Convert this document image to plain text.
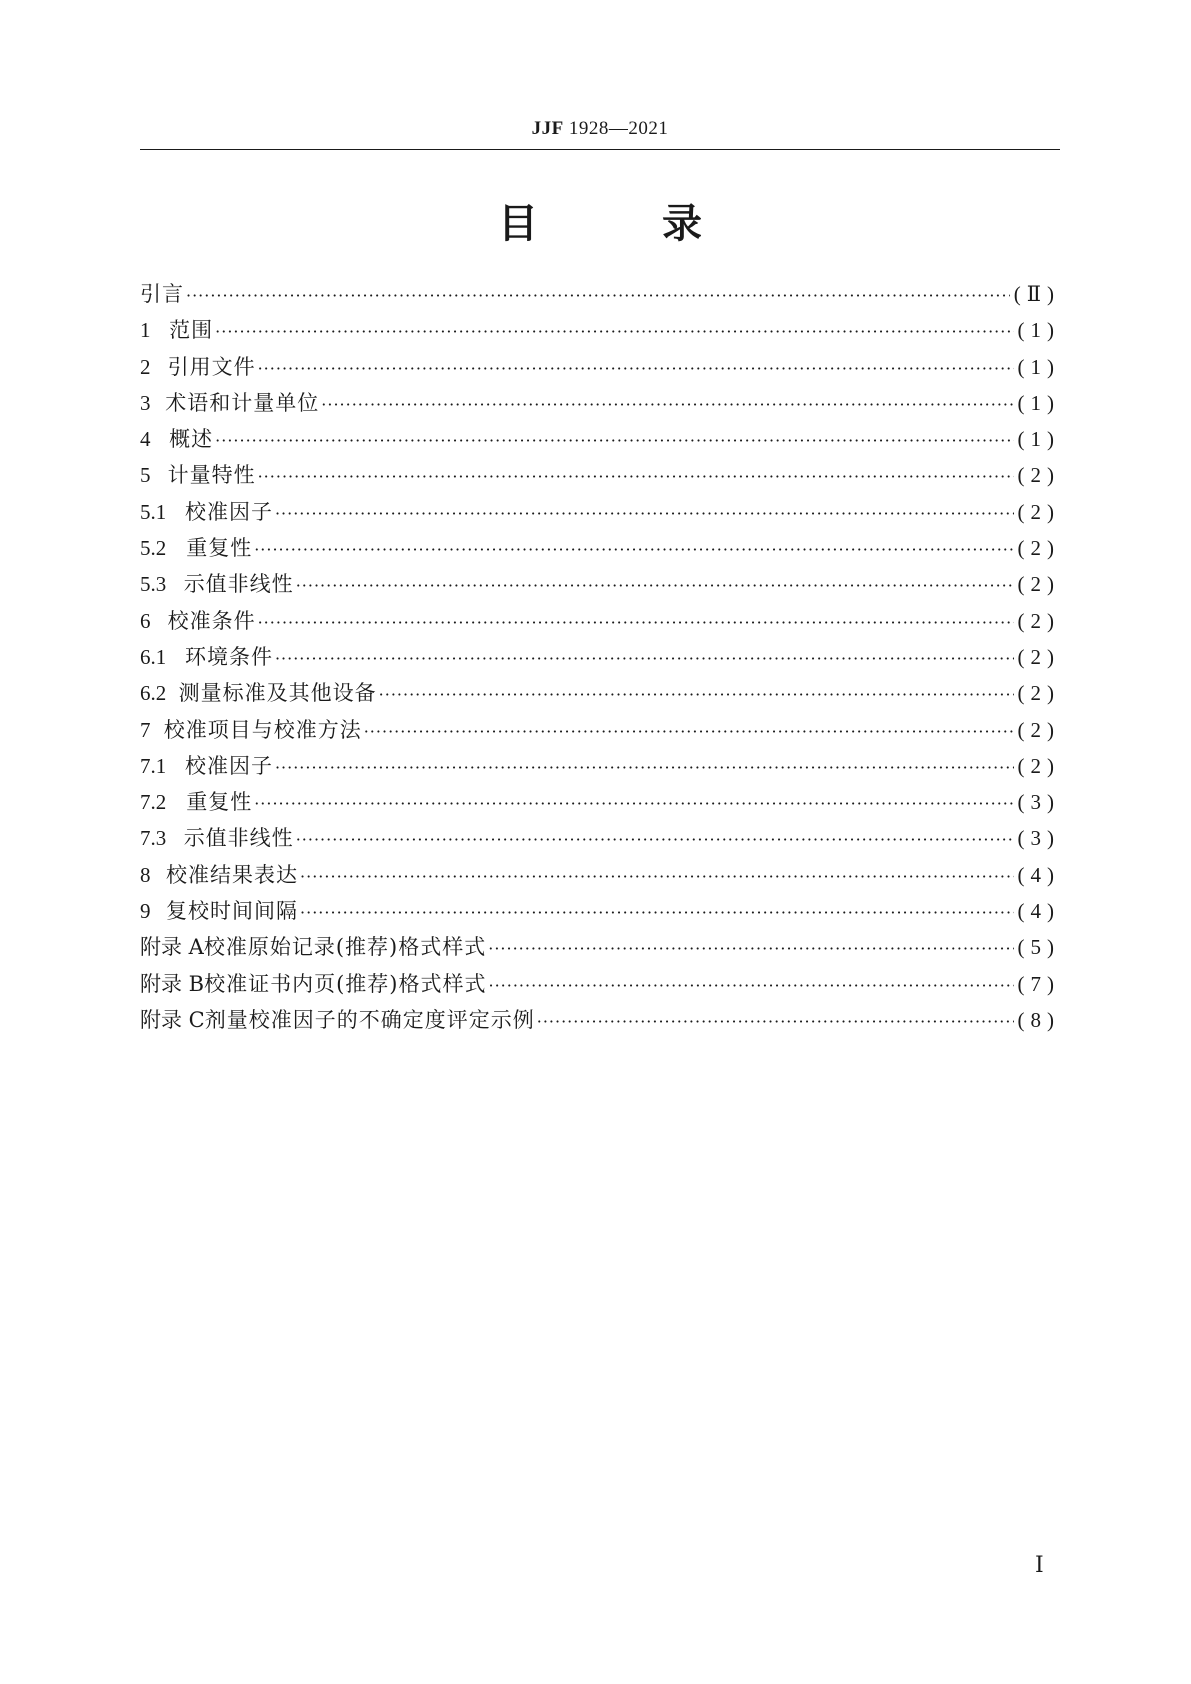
JJF 1928—2021
目	录
引言 ·····	(Ⅱ)
1 范围 ·····	(1)
2 引用文件 ·····	(1)
3 术语和计量单位 ·····	(1)
4 概述 ·····	(1)
5 计量特性 ·····	(2)
5.1 校准因子 ·····	(2)
5.2 重复性 ·····	(2)
5.3 示值非线性 ·····	(2)
6 校准条件 ·····	(2)
6.1 环境条件 ·····	(2)
6.2 测量标准及其他设备 ·····	(2)
7 校准项目与校准方法 ·····	(2)
7.1 校准因子 ·····	(2)
7.2 重复性 ·····	(3)
7.3 示值非线性 ·····	(3)
8 校准结果表达 ·····	(4)
9 复校时间间隔 ·····	(4)
附录 A 校准原始记录(推荐)格式样式 ·····	(5)
附录 B 校准证书内页(推荐)格式样式 ·····	(7)
附录 C 剂量校准因子的不确定度评定示例 ·····	(8)
Ⅰ
